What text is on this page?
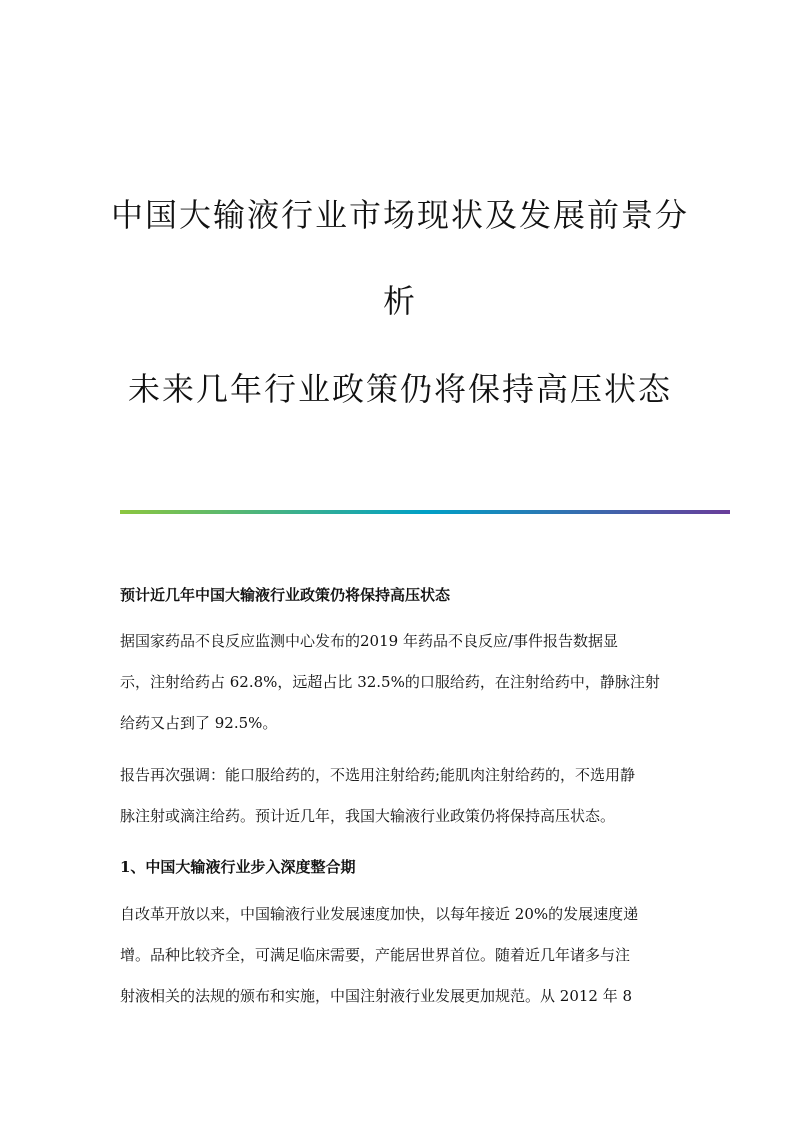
中国大输液行业市场现状及发展前景分
析
未来几年行业政策仍将保持高压状态
预计近几年中国大输液行业政策仍将保持高压状态
据国家药品不良反应监测中心发布的2019 年药品不良反应/事件报告数据显
示，注射给药占 62.8%，远超占比 32.5%的口服给药，在注射给药中，静脉注射
给药又占到了 92.5%。
报告再次强调：能口服给药的，不选用注射给药;能肌肉注射给药的，不选用静
脉注射或滴注给药。预计近几年，我国大输液行业政策仍将保持高压状态。
1、中国大输液行业步入深度整合期
自改革开放以来，中国输液行业发展速度加快，以每年接近 20%的发展速度递
增。品种比较齐全，可满足临床需要，产能居世界首位。随着近几年诸多与注
射液相关的法规的颁布和实施，中国注射液行业发展更加规范。从 2012 年 8
